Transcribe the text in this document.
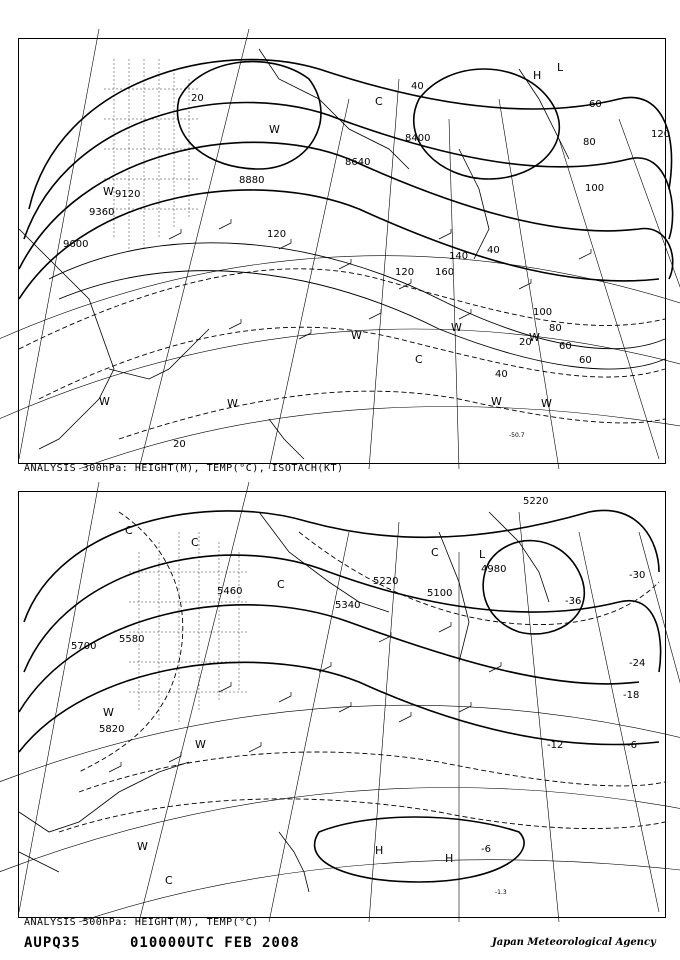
9120
9360
9600
8880
8640
8400
20
40
60
80
100
120
140
160
20
40
60
80
100
120
120
60
40
20
W
C
W
W	W
W	W	W
H
L
C
W
W
-50.7
ANALYSIS 300hPa: HEIGHT(M), TEMP(°C), ISOTACH(KT)
5220
4980
5100
5220
5340
5460
5580
5700
5820
-30
-36
-24
-18
-12	-6
-6
C
C
C
C
L
W
W	H
H
C
W
-1.3
ANALYSIS 500hPa: HEIGHT(M), TEMP(°C)
AUPQ35	010000UTC FEB 2008	Japan Meteorological Agency
